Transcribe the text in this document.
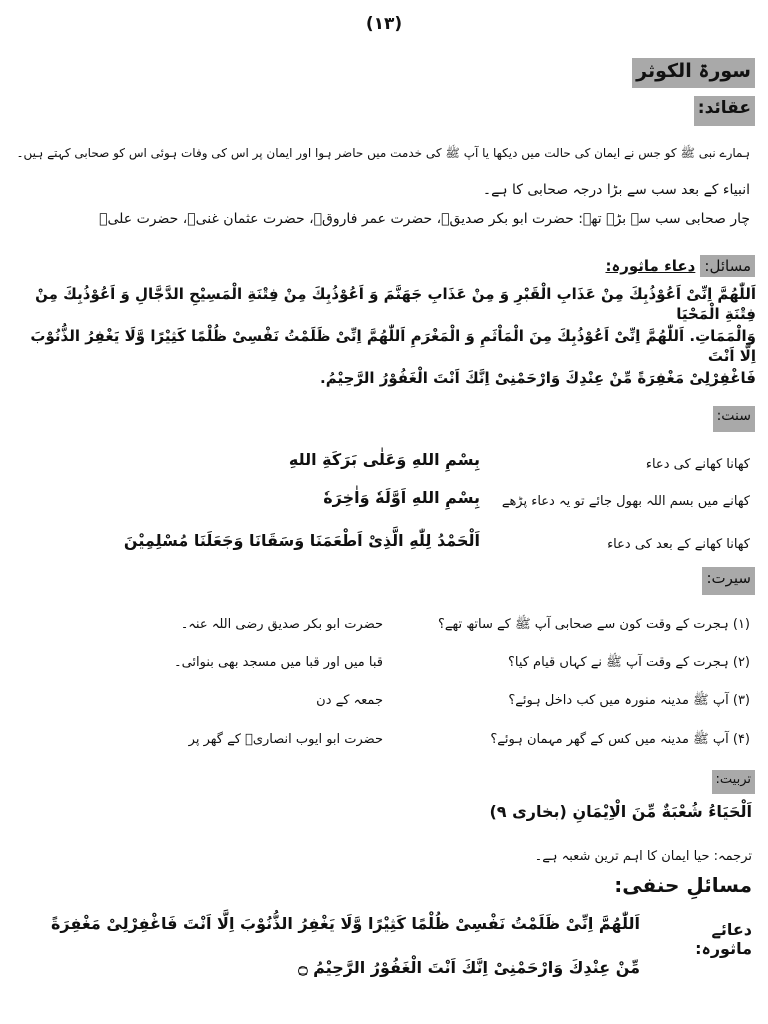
(۱۳)
سورۃ الکوثر
عقائد:
ہمارے نبی ﷺ کو جس نے ایمان کی حالت میں دیکھا یا آپ ﷺ کی خدمت میں حاضر ہوا اور ایمان پر اس کی وفات ہوئی اس کو صحابی کہتے ہیں۔
انبیاء کے بعد سب سے بڑا درجہ صحابی کا ہے۔
چار صحابی سب سے بڑے تھے: حضرت ابو بکر صدیقؓ، حضرت عمر فاروقؓ، حضرت عثمان غنیؓ، حضرت علیؓ
مسائل: دعاء ماثورہ:
اَللّٰهُمَّ اِنِّیْ اَعُوْذُبِكَ مِنْ عَذَابِ الْقَبْرِ وَ مِنْ عَذَابِ جَهَنَّمَ وَ اَعُوْذُبِكَ مِنْ فِتْنَةِ الْمَسِيْحِ الدَّجَّالِ وَ اَعُوْذُبِكَ مِنْ فِتْنَةِ الْمَحْيَا
وَالْمَمَاتِ. اَللّٰهُمَّ اِنِّیْ اَعُوْذُبِكَ مِنَ الْمَاْثَمِ وَ الْمَغْرَمِ اَللّٰهُمَّ اِنِّیْ ظَلَمْتُ نَفْسِیْ ظُلْمًا كَثِيْرًا وَّلَا يَغْفِرُ الذُّنُوْبَ اِلَّا اَنْتَ
فَاغْفِرْلِیْ مَغْفِرَةً مِّنْ عِنْدِكَ وَارْحَمْنِیْ اِنَّكَ اَنْتَ الْغَفُوْرُ الرَّحِيْمُ.
سنت:
کھانا کھانے کی دعاء
بِسْمِ اللهِ وَعَلٰى بَرَكَةِ اللهِ
کھانے میں بسم اللہ بھول جائے تو یہ دعاء پڑھے
بِسْمِ اللهِ اَوَّلَهٗ وَاٰخِرَهٗ
کھانا کھانے کے بعد کی دعاء
اَلْحَمْدُ لِلّٰهِ الَّذِیْ اَطْعَمَنَا وَسَقَانَا وَجَعَلَنَا مُسْلِمِيْنَ
سیرت:
(۱) ہجرت کے وقت کون سے صحابی آپ ﷺ کے ساتھ تھے؟
حضرت ابو بکر صدیق رضی اللہ عنہ۔
(۲) ہجرت کے وقت آپ ﷺ نے کہاں قیام کیا؟
قبا میں اور قبا میں مسجد بھی بنوائی۔
(۳) آپ ﷺ مدینہ منورہ میں کب داخل ہوئے؟
جمعہ کے دن
(۴) آپ ﷺ مدینہ میں کس کے گھر مہمان ہوئے؟
حضرت ابو ایوب انصاریؓ کے گھر پر
تربیت:
اَلْحَيَاءُ شُعْبَةٌ مِّنَ الْاِيْمَانِ (بخاری ۹)
ترجمہ: حیا ایمان کا اہم ترین شعبہ ہے۔
مسائلِ حنفی:
دعائے ماثورہ:
اَللّٰهُمَّ اِنِّیْ ظَلَمْتُ نَفْسِیْ ظُلْمًا كَثِيْرًا وَّلَا يَغْفِرُ الذُّنُوْبَ اِلَّا اَنْتَ فَاغْفِرْلِیْ مَغْفِرَةً
مِّنْ عِنْدِكَ وَارْحَمْنِیْ اِنَّكَ اَنْتَ الْغَفُوْرُ الرَّحِيْمُ ۝
